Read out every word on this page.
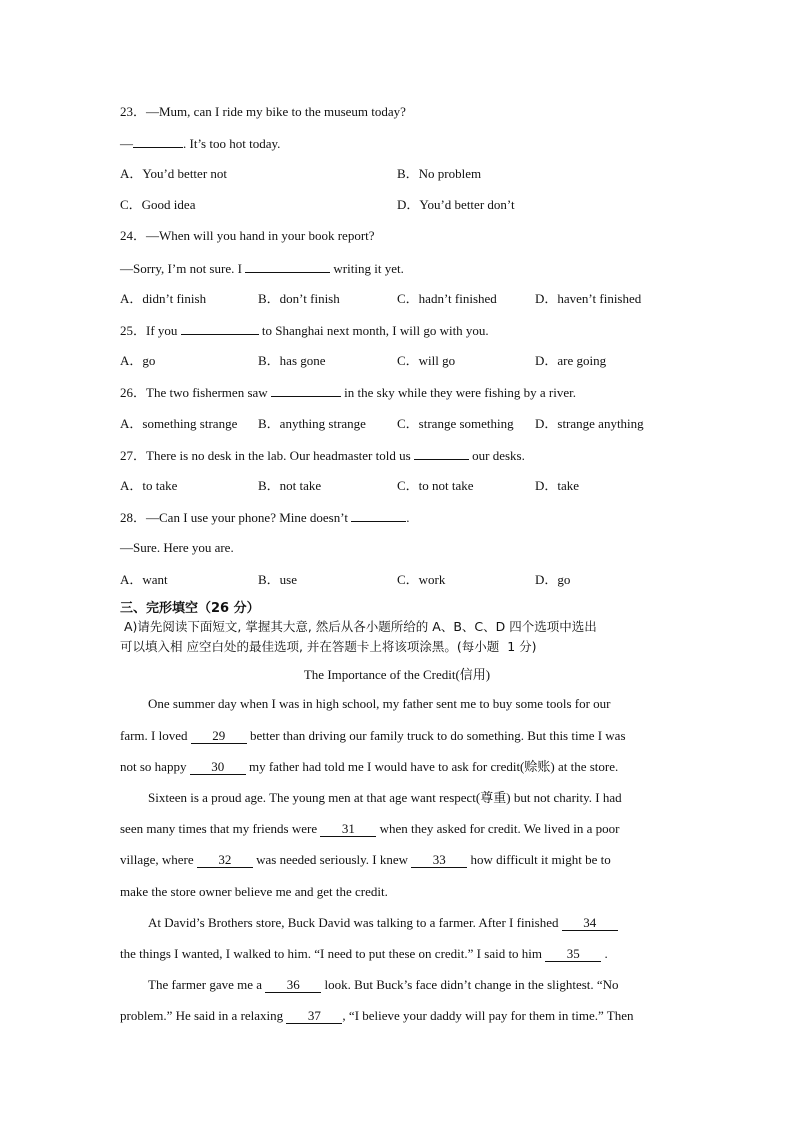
23．—Mum, can I ride my bike to the museum today?
—	. It’s too hot today.
A．You’d better not	B．No problem
C．Good idea	D．You’d better don’t
24．—When will you hand in your book report?
—Sorry, I’m not sure. I	writing it yet.
A．didn’t finish	B．don’t finish	C．hadn’t finished	D．haven’t finished
25．If you	to Shanghai next month, I will go with you.
A．go	B．has gone	C．will go	D．are going
26．The two fishermen saw	in the sky while they were fishing by a river.
A．something strange B．anything strange C．strange something D．strange anything
27．There is no desk in the lab. Our headmaster told us	our desks.
A．to take	B．not take	C．to not take	D．take
28．—Can I use your phone? Mine doesn’t	.
—Sure. Here you are.
A．want	B．use	C．work	D．go
三、完形填空（26 分）
A)请先阅读下面短文, 掌握其大意, 然后从各小题所给的 A、B、C、D 四个选项中选出
可以填入相 应空白处的最佳选项, 并在答题卡上将该项涂黑。(每小题  1 分)
The Importance of the Credit(信用)
One summer day when I was in high school, my father sent me to buy some tools for our
farm. I loved 29 better than driving our family truck to do something. But this time I was
not so happy 30 my father had told me I would have to ask for credit(赊账) at the store.
Sixteen is a proud age. The young men at that age want respect(尊重) but not charity. I had
seen many times that my friends were 31 when they asked for credit. We lived in a poor
village, where 32 was needed seriously. I knew 33 how difficult it might be to
make the store owner believe me and get the credit.
At David’s Brothers store, Buck David was talking to a farmer. After I finished 34
the things I wanted, I walked to him. “I need to put these on credit.” I said to him 35 .
The farmer gave me a 36 look. But Buck’s face didn’t change in the slightest. “No
problem.” He said in a relaxing 37 , “I believe your daddy will pay for them in time.” Then
